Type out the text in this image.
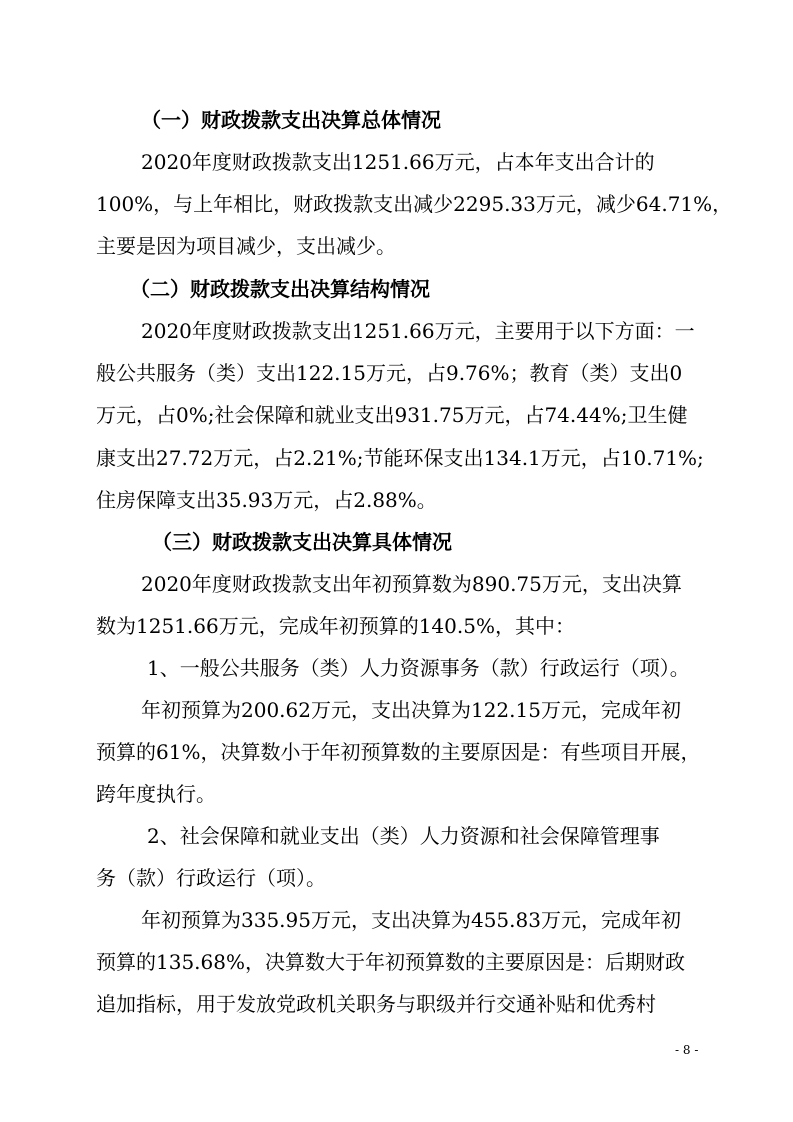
（一）财政拨款支出决算总体情况
2020年度财政拨款支出1251.66万元，占本年支出合计的
100%，与上年相比，财政拨款支出减少2295.33万元，减少64.71%，
主要是因为项目减少，支出减少。
（二）财政拨款支出决算结构情况
2020年度财政拨款支出1251.66万元，主要用于以下方面：一
般公共服务（类）支出122.15万元，占9.76%；教育（类）支出0
万元，占0%;社会保障和就业支出931.75万元，占74.44%;卫生健
康支出27.72万元，占2.21%;节能环保支出134.1万元，占10.71%;
住房保障支出35.93万元，占2.88%。
（三）财政拨款支出决算具体情况
2020年度财政拨款支出年初预算数为890.75万元，支出决算
数为1251.66万元，完成年初预算的140.5%，其中：
1、一般公共服务（类）人力资源事务（款）行政运行（项）。
年初预算为200.62万元，支出决算为122.15万元，完成年初
预算的61%，决算数小于年初预算数的主要原因是：有些项目开展，
跨年度执行。
2、社会保障和就业支出（类）人力资源和社会保障管理事
务（款）行政运行（项）。
年初预算为335.95万元，支出决算为455.83万元，完成年初
预算的135.68%，决算数大于年初预算数的主要原因是：后期财政
追加指标，用于发放党政机关职务与职级并行交通补贴和优秀村
- 8 -
